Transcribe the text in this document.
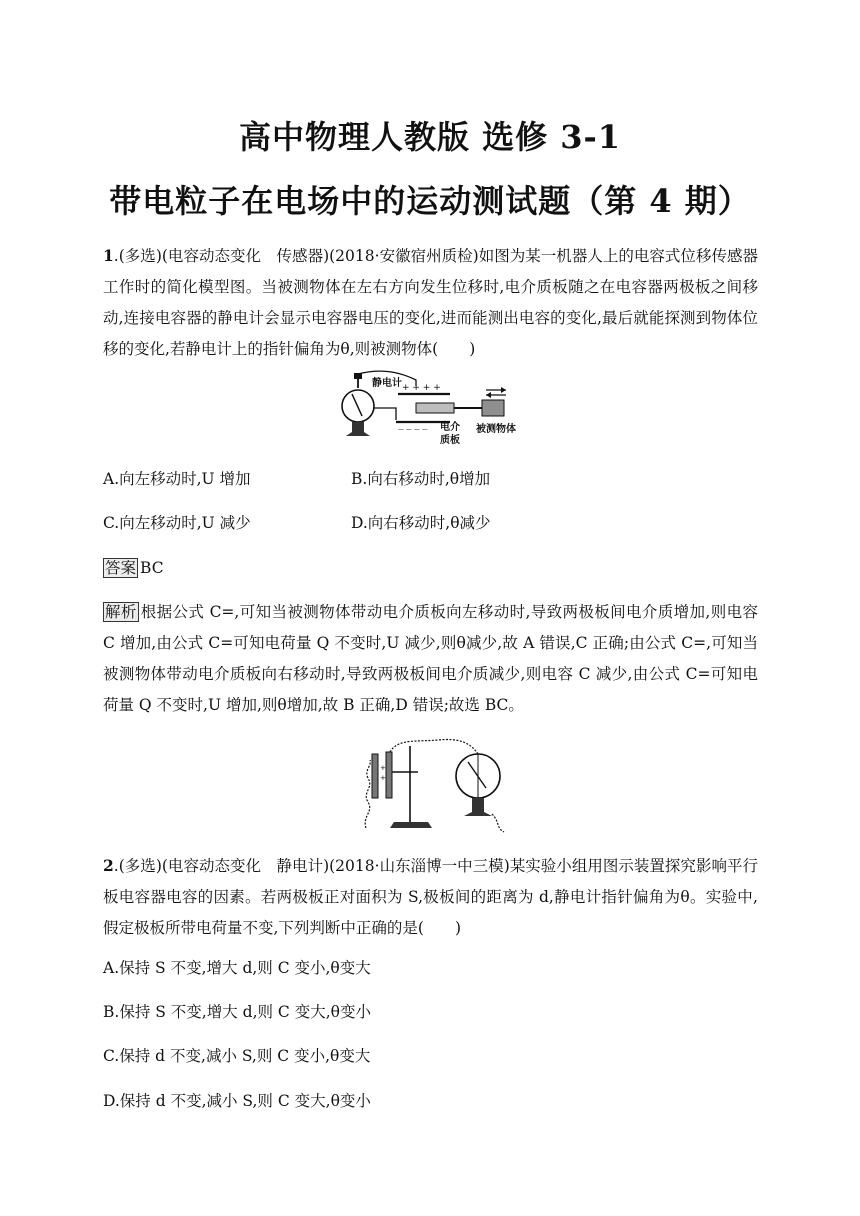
高中物理人教版 选修 3-1
带电粒子在电场中的运动测试题（第 4 期）

1.(多选)(电容动态变化　传感器)(2018·安徽宿州质检)如图为某一机器人上的电容式位移传感器工作时的简化模型图。当被测物体在左右方向发生位移时,电介质板随之在电容器两极板之间移动,连接电容器的静电计会显示电容器电压的变化,进而能测出电容的变化,最后就能探测到物体位移的变化,若静电计上的指针偏角为θ,则被测物体(　　)

静电计 + + + +
— — — — 电介
质板
被测物体
A.向左移动时,U 增加	B.向右移动时,θ增加
C.向左移动时,U 减少	D.向右移动时,θ减少
答案 BC

解析 根据公式 C=,可知当被测物体带动电介质板向左移动时,导致两极板间电介质增加,则电容 C 增加,由公式 C=可知电荷量 Q 不变时,U 减少,则θ减少,故 A 错误,C 正确;由公式 C=,可知当被测物体带动电介质板向右移动时,导致两极板间电介质减少,则电容 C 减少,由公式 C=可知电荷量 Q 不变时,U 增加,则θ增加,故 B 正确,D 错误;故选 BC。

+
+

2.(多选)(电容动态变化　静电计)(2018·山东淄博一中三模)某实验小组用图示装置探究影响平行板电容器电容的因素。若两极板正对面积为 S,极板间的距离为 d,静电计指针偏角为θ。实验中,假定极板所带电荷量不变,下列判断中正确的是(　　)

A.保持 S 不变,增大 d,则 C 变小,θ变大
B.保持 S 不变,增大 d,则 C 变大,θ变小
C.保持 d 不变,减小 S,则 C 变小,θ变大
D.保持 d 不变,减小 S,则 C 变大,θ变小
